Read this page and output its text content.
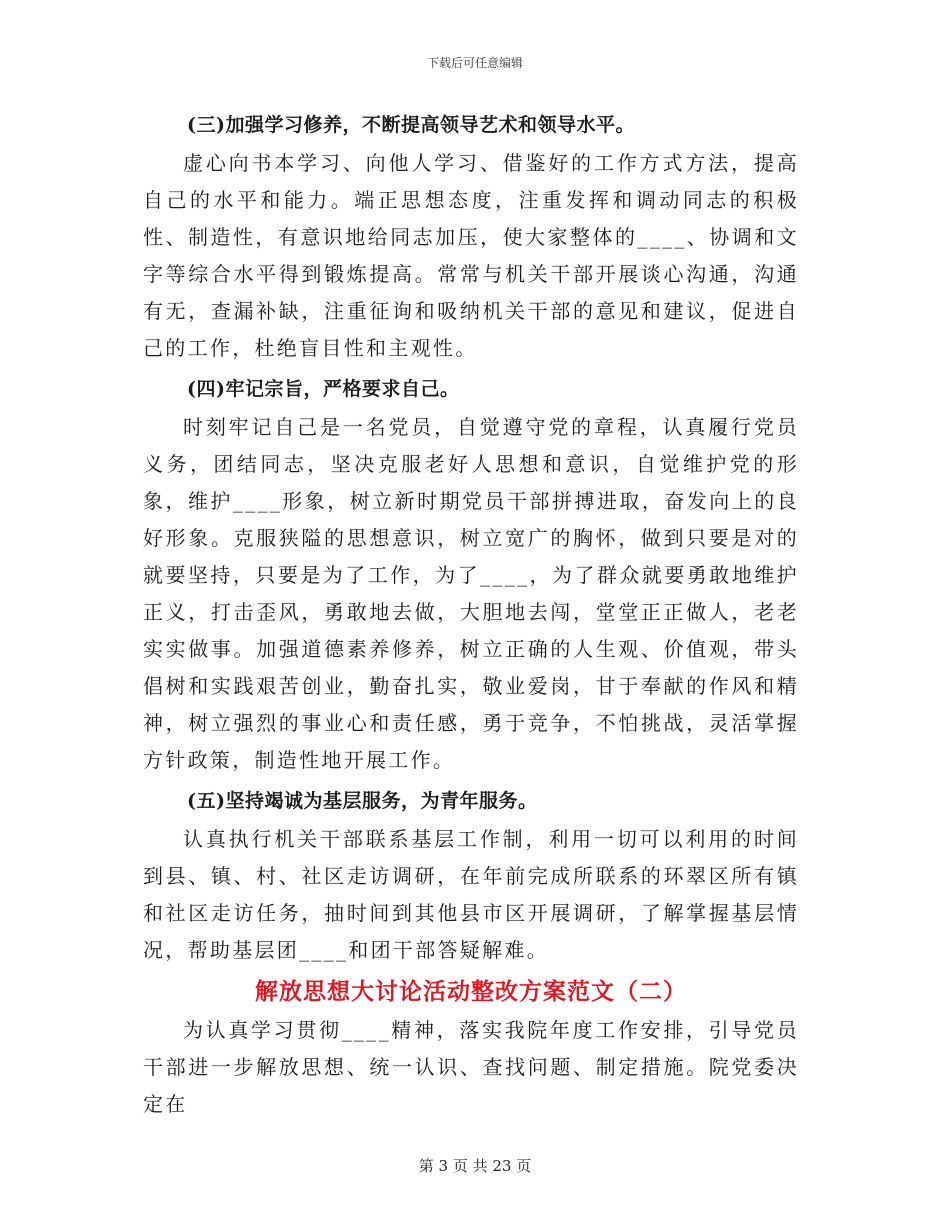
下载后可任意编辑
(三)加强学习修养，不断提高领导艺术和领导水平。

虚心向书本学习、向他人学习、借鉴好的工作方式方法，提高自己的水平和能力。端正思想态度，注重发挥和调动同志的积极性、制造性，有意识地给同志加压，使大家整体的____、协调和文字等综合水平得到锻炼提高。常常与机关干部开展谈心沟通，沟通有无，查漏补缺，注重征询和吸纳机关干部的意见和建议，促进自己的工作，杜绝盲目性和主观性。

(四)牢记宗旨，严格要求自己。

时刻牢记自己是一名党员，自觉遵守党的章程，认真履行党员义务，团结同志，坚决克服老好人思想和意识，自觉维护党的形象，维护____形象，树立新时期党员干部拼搏进取，奋发向上的良好形象。克服狭隘的思想意识，树立宽广的胸怀，做到只要是对的就要坚持，只要是为了工作，为了____，为了群众就要勇敢地维护正义，打击歪风，勇敢地去做，大胆地去闯，堂堂正正做人，老老实实做事。加强道德素养修养，树立正确的人生观、价值观，带头倡树和实践艰苦创业，勤奋扎实，敬业爱岗，甘于奉献的作风和精神，树立强烈的事业心和责任感，勇于竞争，不怕挑战，灵活掌握方针政策，制造性地开展工作。

(五)坚持竭诚为基层服务，为青年服务。

认真执行机关干部联系基层工作制，利用一切可以利用的时间到县、镇、村、社区走访调研，在年前完成所联系的环翠区所有镇和社区走访任务，抽时间到其他县市区开展调研，了解掌握基层情况，帮助基层团____和团干部答疑解难。

解放思想大讨论活动整改方案范文（二）

为认真学习贯彻____精神，落实我院年度工作安排，引导党员干部进一步解放思想、统一认识、查找问题、制定措施。院党委决定在

第 3 页 共 23 页
